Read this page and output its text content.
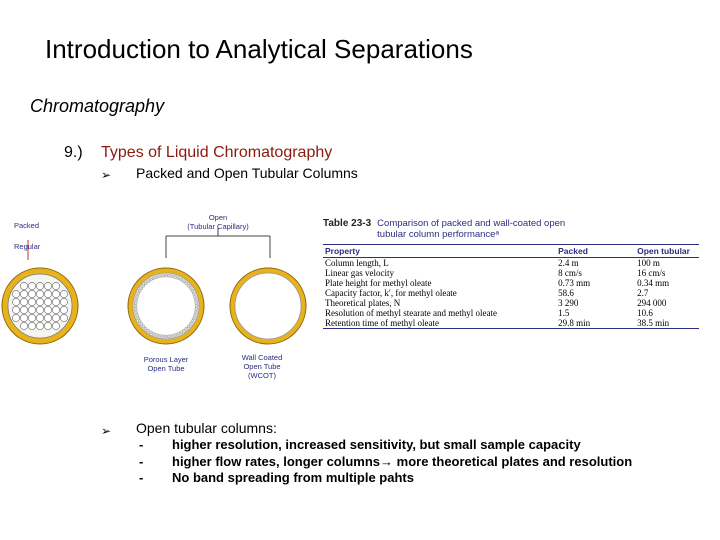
Introduction to Analytical Separations
Chromatography
9.) Types of Liquid Chromatography
➢ Packed and Open Tubular Columns
Packed
Regular
Open
(Tubular Capillary)
Porous Layer
Open Tube
Wall Coated
Open Tube
(WCOT)
Table 23-3 Comparison of packed and wall-coated open
tubular column performanceᵃ
Property	Packed	Open tubular
Column length, L	2.4 m	100 m
Linear gas velocity	8 cm/s	16 cm/s
Plate height for methyl oleate	0.73 mm	0.34 mm
Capacity factor, k′, for methyl oleate	58.6	2.7
Theoretical plates, N	3 290	294 000
Resolution of methyl stearate and methyl oleate	1.5	10.6
Retention time of methyl oleate	29.8 min	38.5 min
➢ Open tubular columns:
- higher resolution, increased sensitivity, but small sample capacity
- higher flow rates, longer columns→ more theoretical plates and resolution
- No band spreading from multiple pahts
